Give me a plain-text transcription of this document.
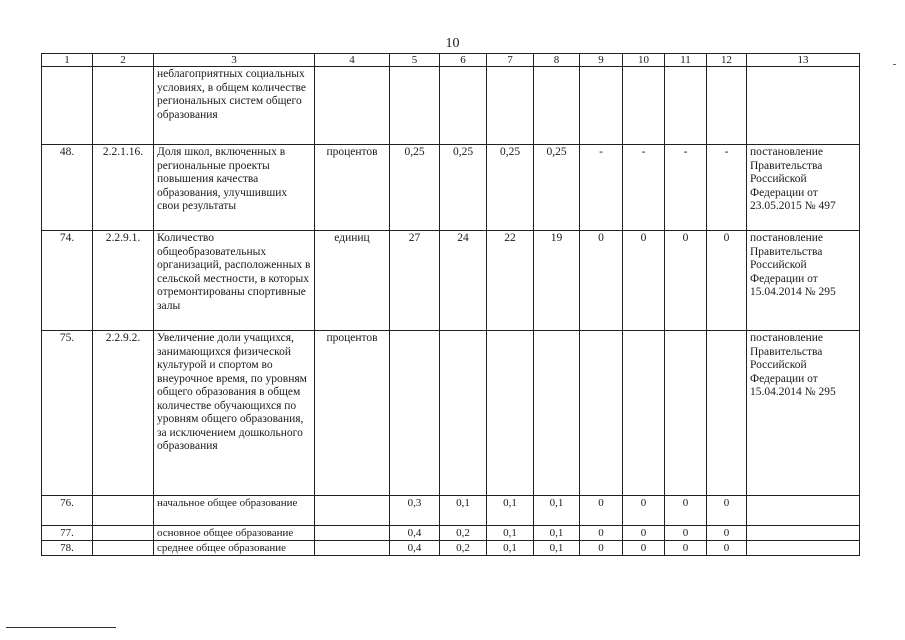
10
1	2	3	4	5	6	7	8	9	10	11	12	13
		неблагоприятных социальных условиях, в общем количестве региональных систем общего образования										
48.	2.2.1.16.	Доля школ, включенных в региональные проекты повышения качества образования, улучшивших свои результаты	процентов	0,25	0,25	0,25	0,25	-	-	-	-	постановление Правительства Российской Федерации от 23.05.2015 № 497
74.	2.2.9.1.	Количество общеобразовательных организаций, расположенных в сельской местности, в которых отремонтированы спортивные залы	единиц	27	24	22	19	0	0	0	0	постановление Правительства Российской Федерации от 15.04.2014 № 295
75.	2.2.9.2.	Увеличение доли учащихся, занимающихся физической культурой и спортом во внеурочное время, по уровням общего образования в общем количестве обучающихся по уровням общего образования, за исключением дошкольного образования	процентов									постановление Правительства Российской Федерации от 15.04.2014 № 295
76.		начальное общее образование		0,3	0,1	0,1	0,1	0	0	0	0	
77.		основное общее образование		0,4	0,2	0,1	0,1	0	0	0	0	
78.		среднее общее образование		0,4	0,2	0,1	0,1	0	0	0	0	
